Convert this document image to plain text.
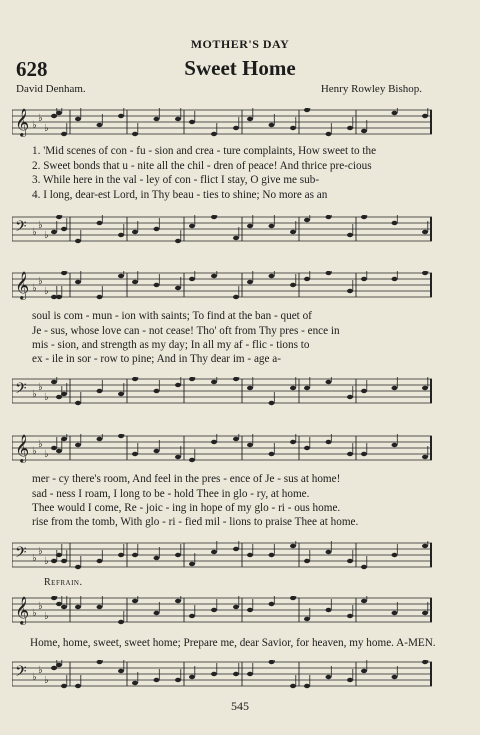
MOTHER'S DAY
628	Sweet Home
David Denham.	Henry Rowley Bishop.
𝄞 ♭
♭
♭
1. 'Mid scenes of con - fu - sion and crea - ture complaints, How sweet to the
2. Sweet bonds that u - nite all the chil - dren of peace! And thrice pre-cious
3. While here in the val - ley of con - flict I stay, O give me sub-
4. I long, dear-est Lord, in Thy beau - ties to shine; No more as an
𝄢 ♭
♭
♭
𝄞 ♭
♭
♭
soul is com - mun - ion with saints; To find at the ban - quet of
Je - sus, whose love can - not cease! Tho' oft from Thy pres - ence in
mis - sion, and strength as my day; In all my af - flic - tions to
ex - ile in sor - row to pine; And in Thy dear im - age a-
𝄢 ♭
♭
♭
𝄞 ♭
♭
♭
mer - cy there's room, And feel in the pres - ence of Je - sus at home!
sad - ness I roam, I long to be - hold Thee in glo - ry, at home.
Thee would I come, Re - joic - ing in hope of my glo - ri - ous home.
rise from the tomb, With glo - ri - fied mil - lions to praise Thee at home.
𝄢 ♭
♭
♭
Refrain.
𝄞 ♭
♭
♭
Home, home, sweet, sweet home; Prepare me, dear Savior, for heaven, my home. A-MEN.
𝄢 ♭
♭
♭
545
